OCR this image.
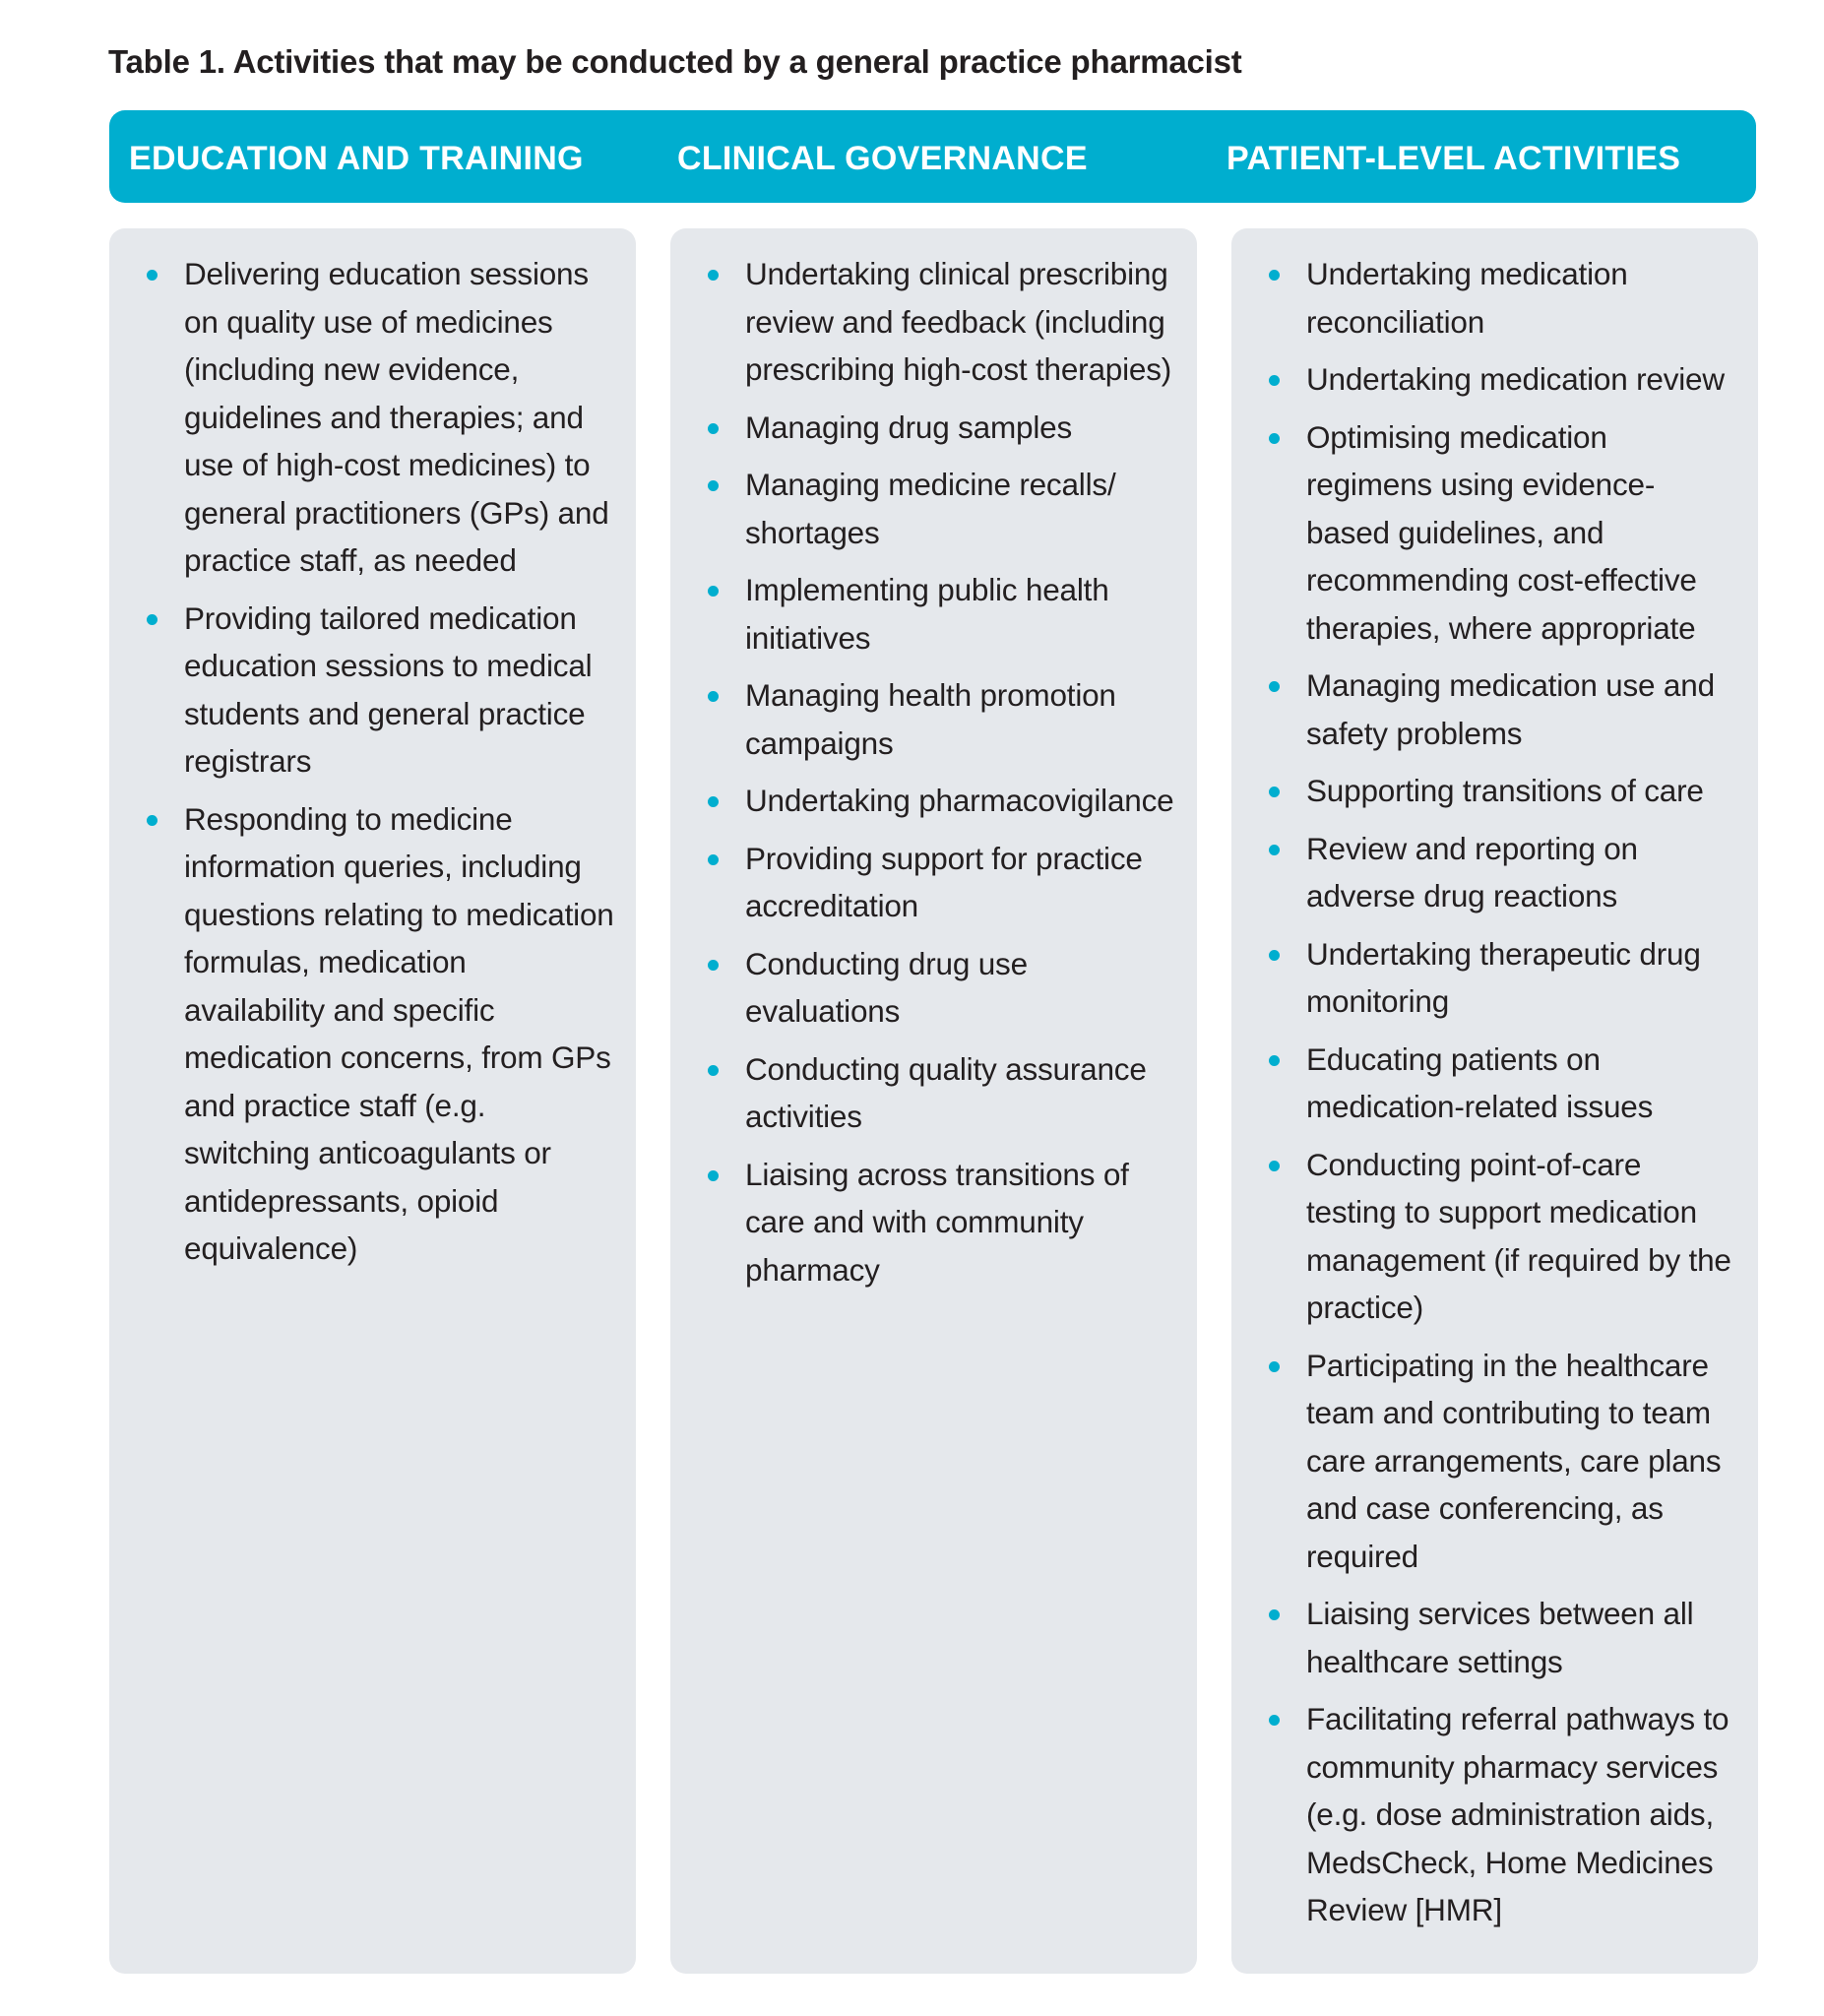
Table 1. Activities that may be conducted by a general practice pharmacist
EDUCATION AND TRAINING	CLINICAL GOVERNANCE	PATIENT-LEVEL ACTIVITIES
Delivering education sessions on quality use of medicines (including new evidence, guidelines and therapies; and use of high-cost medicines) to general practitioners (GPs) and practice staff, as needed
Providing tailored medication education sessions to medical students and general practice registrars
Responding to medicine information queries, including questions relating to medication formulas, medication availability and specific medication concerns, from GPs and practice staff (e.g. switching anticoagulants or antidepressants, opioid equivalence)
Undertaking clinical prescribing review and feedback (including prescribing high-cost therapies)
Managing drug samples
Managing medicine recalls/ shortages
Implementing public health initiatives
Managing health promotion campaigns
Undertaking pharmacovigilance
Providing support for practice accreditation
Conducting drug use evaluations
Conducting quality assurance activities
Liaising across transitions of care and with community pharmacy
Undertaking medication reconciliation
Undertaking medication review
Optimising medication regimens using evidence-based guidelines, and recommending cost-effective therapies, where appropriate
Managing medication use and safety problems
Supporting transitions of care
Review and reporting on adverse drug reactions
Undertaking therapeutic drug monitoring
Educating patients on medication-related issues
Conducting point-of-care testing to support medication management (if required by the practice)
Participating in the healthcare team and contributing to team care arrangements, care plans and case conferencing, as required
Liaising services between all healthcare settings
Facilitating referral pathways to community pharmacy services (e.g. dose administration aids, MedsCheck, Home Medicines Review [HMR]
